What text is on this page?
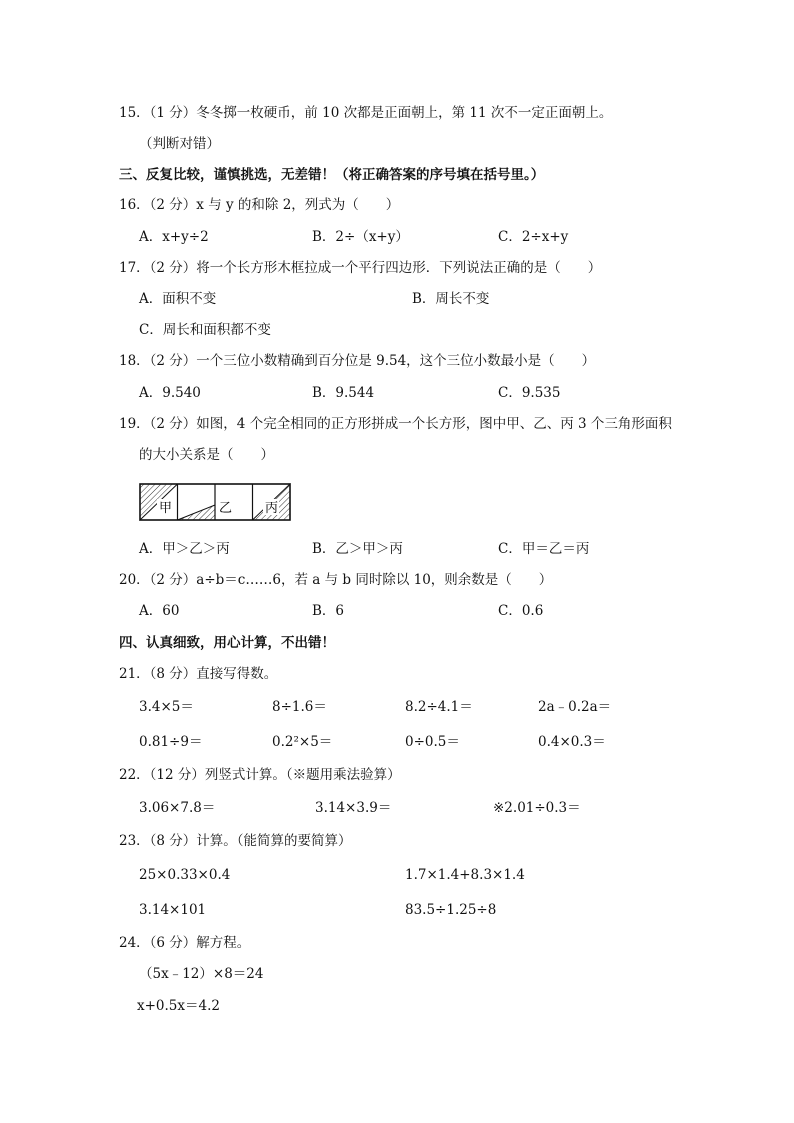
15．（1 分）冬冬掷一枚硬币，前 10 次都是正面朝上，第 11 次不一定正面朝上。
（判断对错）
三、反复比较，谨慎挑选，无差错！（将正确答案的序号填在括号里。）
16．（2 分）x 与 y 的和除 2，列式为（　　）
A．x+y÷2	B．2÷（x+y）	C．2÷x+y
17．（2 分）将一个长方形木框拉成一个平行四边形．下列说法正确的是（　　）
A．面积不变	B．周长不变
C．周长和面积都不变
18．（2 分）一个三位小数精确到百分位是 9.54，这个三位小数最小是（　　）
A．9.540	B．9.544	C．9.535
19．（2 分）如图，4 个完全相同的正方形拼成一个长方形，图中甲、乙、丙 3 个三角形面积
的大小关系是（　　）
甲	乙	丙
A．甲＞乙＞丙	B．乙＞甲＞丙	C．甲＝乙＝丙
20．（2 分）a÷b＝c……6，若 a 与 b 同时除以 10，则余数是（　　）
A．60	B．6	C．0.6
四、认真细致，用心计算，不出错！
21．（8 分）直接写得数。
3.4×5＝	8÷1.6＝	8.2÷4.1＝	2a﹣0.2a＝
0.81÷9＝	0.2²×5＝	0÷0.5＝	0.4×0.3＝
22．（12 分）列竖式计算。（※题用乘法验算）
3.06×7.8＝	3.14×3.9＝	※2.01÷0.3＝
23．（8 分）计算。（能简算的要简算）
25×0.33×0.4	1.7×1.4+8.3×1.4
3.14×101	83.5÷1.25÷8
24．（6 分）解方程。
（5x﹣12）×8＝24
x+0.5x＝4.2
